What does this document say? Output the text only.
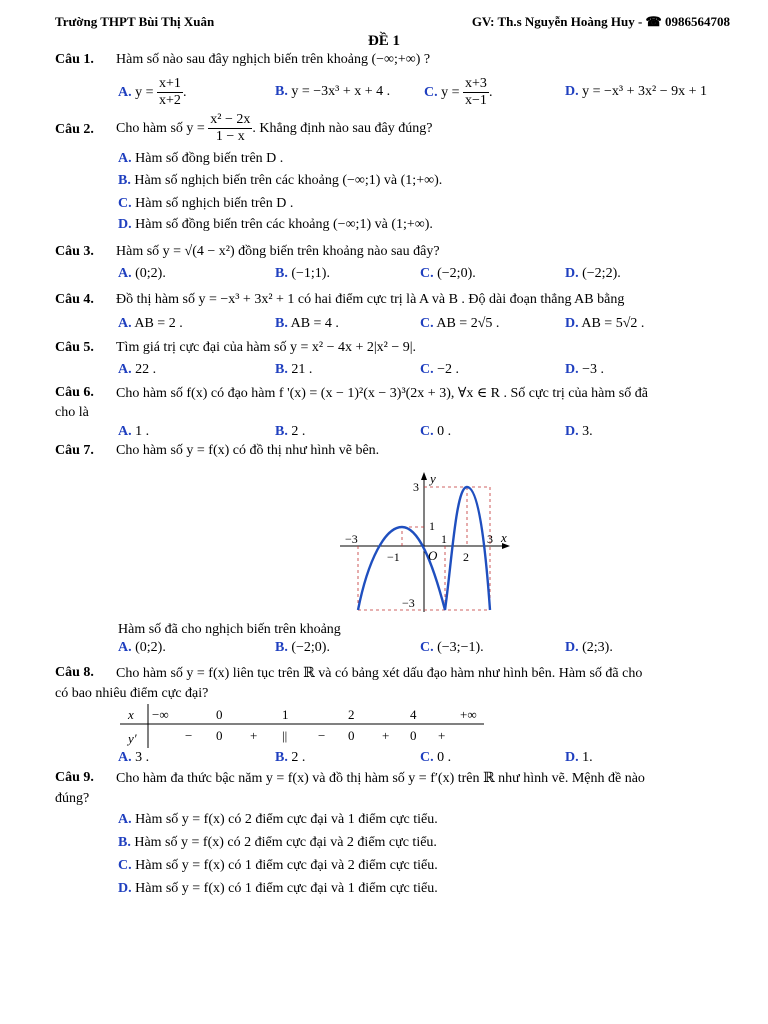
Trường THPT Bùi Thị Xuân	GV: Th.s Nguyễn Hoàng Huy - ☎ 0986564708
ĐỀ 1
Câu 1. Hàm số nào sau đây nghịch biến trên khoảng (−∞;+∞) ?
A. $y = \frac{x+1}{x+2}$ .	B. y = −3x³ + x + 4 . C. $y = \frac{x+3}{x-1}$ .	D. y = −x³ + 3x² − 9x + 1
Câu 2. Cho hàm số $y = \frac{\text{x² − 2x}}{1 - x}$ . Khẳng định nào sau đây đúng?
A. Hàm số đồng biến trên D .
B. Hàm số nghịch biến trên các khoảng (−∞;1) và (1;+∞).
C. Hàm số nghịch biến trên D .
D. Hàm số đồng biến trên các khoảng (−∞;1) và (1;+∞).
Câu 3. Hàm số y = √(4 − x²) đồng biến trên khoảng nào sau đây?
A. (0;2).	B. (−1;1).	C. (−2;0).	D. (−2;2).
Câu 4. Đồ thị hàm số y = −x³ + 3x² + 1 có hai điểm cực trị là A và B . Độ dài đoạn thẳng AB bằng
A. AB = 2 .	B. AB = 4 .	C. AB = 2√5 .	D. AB = 5√2 .
Câu 5. Tìm giá trị cực đại của hàm số y = x² − 4x + 2|x² − 9|.
A. 22 .	B. 21 .	C. −2 .	D. −3 .
Câu 6. Cho hàm số f(x) có đạo hàm f '(x) = (x − 1)²(x − 3)³(2x + 3), ∀x ∈ R . Số cực trị của hàm số đã
cho là
A. 1 .	B. 2 .	C. 0 .	D. 3.
Câu 7. Cho hàm số y = f(x) có đồ thị như hình vẽ bên.
y
x
3
1
−3
O
−3
−1
1
2
3
Hàm số đã cho nghịch biến trên khoảng
A. (0;2).	B. (−2;0).	C. (−3;−1).	D. (2;3).
Câu 8. Cho hàm số y = f(x) liên tục trên ℝ và có bảng xét dấu đạo hàm như hình bên. Hàm số đã cho
có bao nhiêu điểm cực đại?
x
y′
−∞	0	1	2	4	+∞
− 0 + || − 0 + 0 +
A. 3 .	B. 2 .	C. 0 .	D. 1.
Câu 9. Cho hàm đa thức bậc năm y = f(x) và đồ thị hàm số y = f′(x) trên ℝ như hình vẽ. Mệnh đề nào
đúng?
A. Hàm số y = f(x) có 2 điểm cực đại và 1 điểm cực tiểu.
B. Hàm số y = f(x) có 2 điểm cực đại và 2 điểm cực tiểu.
C. Hàm số y = f(x) có 1 điểm cực đại và 2 điểm cực tiểu.
D. Hàm số y = f(x) có 1 điểm cực đại và 1 điểm cực tiểu.
